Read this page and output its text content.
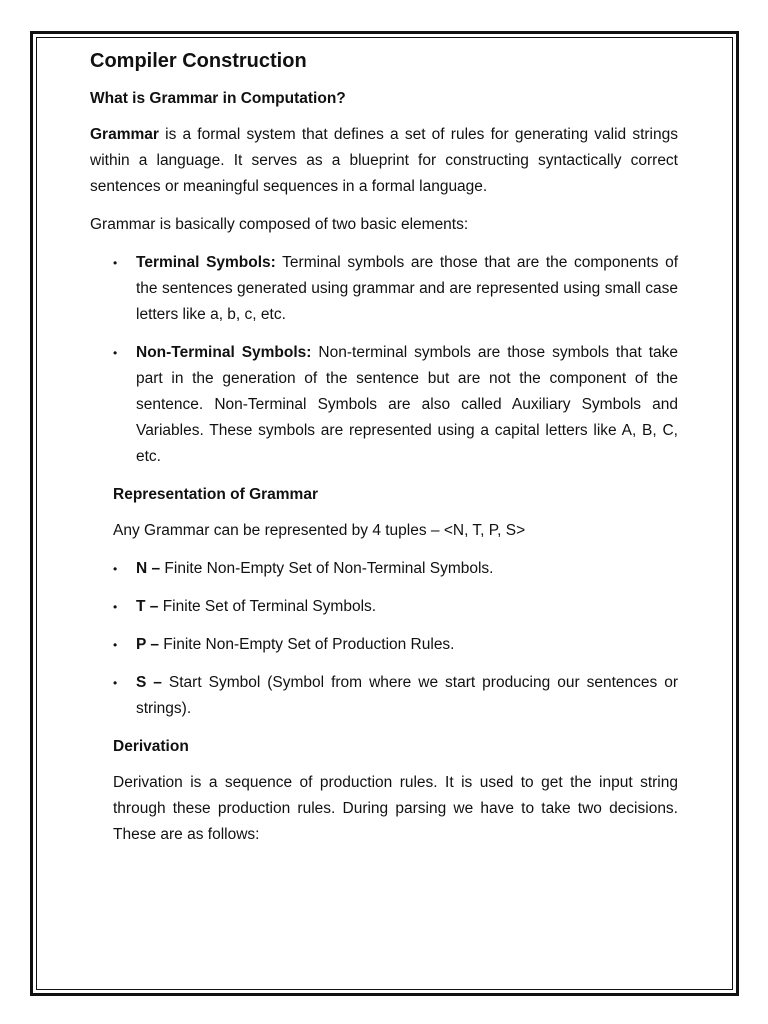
Compiler Construction
What is Grammar in Computation?

Grammar is a formal system that defines a set of rules for generating valid strings within a language. It serves as a blueprint for constructing syntactically correct sentences or meaningful sequences in a formal language.

Grammar is basically composed of two basic elements:

• Terminal Symbols: Terminal symbols are those that are the components of the sentences generated using grammar and are represented using small case letters like a, b, c, etc.
• Non-Terminal Symbols: Non-terminal symbols are those symbols that take part in the generation of the sentence but are not the component of the sentence. Non-Terminal Symbols are also called Auxiliary Symbols and Variables. These symbols are represented using a capital letters like A, B, C, etc.
Representation of Grammar

Any Grammar can be represented by 4 tuples – <N, T, P, S>

• N – Finite Non-Empty Set of Non-Terminal Symbols.
• T – Finite Set of Terminal Symbols.
• P – Finite Non-Empty Set of Production Rules.
• S – Start Symbol (Symbol from where we start producing our sentences or strings).
Derivation

Derivation is a sequence of production rules. It is used to get the input string through these production rules. During parsing we have to take two decisions. These are as follows:
